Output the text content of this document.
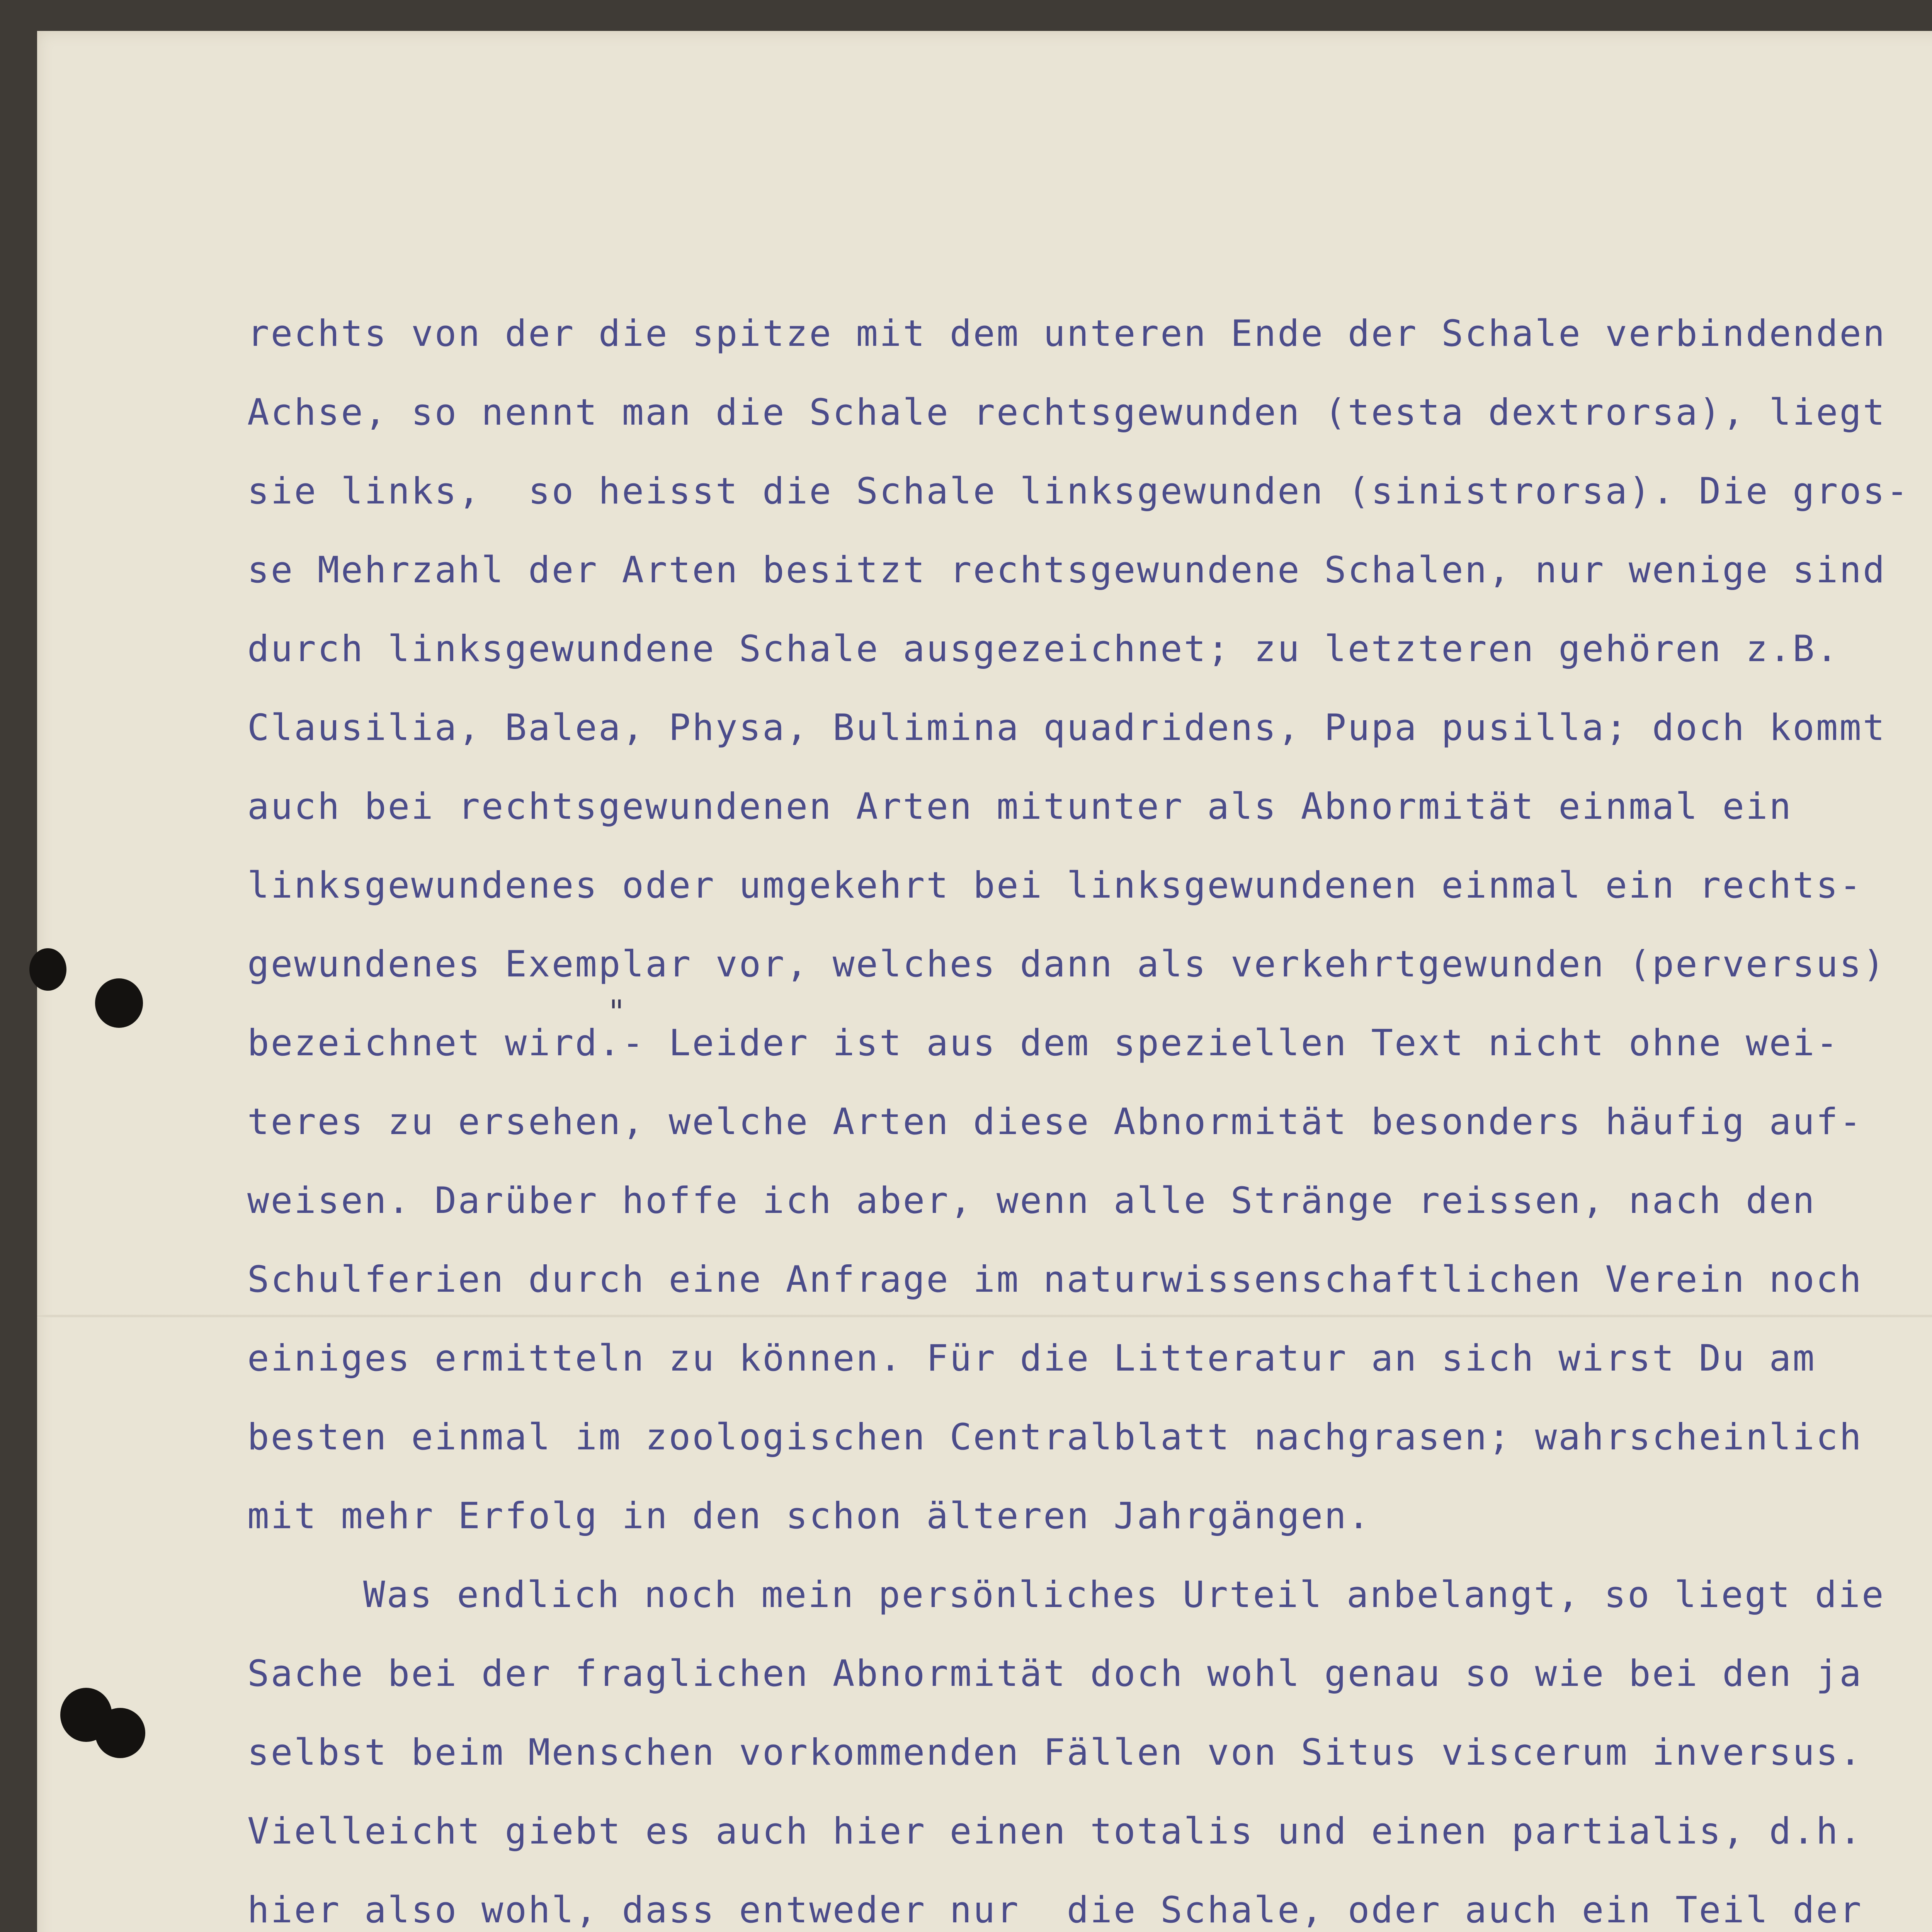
rechts von der die spitze mit dem unteren Ende der Schale verbindenden
Achse, so nennt man die Schale rechtsgewunden (testa dextrorsa), liegt
sie links,  so heisst die Schale linksgewunden (sinistrorsa). Die gros-
se Mehrzahl der Arten besitzt rechtsgewundene Schalen, nur wenige sind
durch linksgewundene Schale ausgezeichnet; zu letzteren gehören z.B.
Clausilia, Balea, Physa, Bulimina quadridens, Pupa pusilla; doch kommt
auch bei rechtsgewundenen Arten mitunter als Abnormität einmal ein
linksgewundenes oder umgekehrt bei linksgewundenen einmal ein rechts-
gewundenes Exemplar vor, welches dann als verkehrtgewunden (perversus)
bezeichnet wird.- Leider ist aus dem speziellen Text nicht ohne wei-
teres zu ersehen, welche Arten diese Abnormität besonders häufig auf-
weisen. Darüber hoffe ich aber, wenn alle Stränge reissen, nach den
Schulferien durch eine Anfrage im naturwissenschaftlichen Verein noch
einiges ermitteln zu können. Für die Litteratur an sich wirst Du am
besten einmal im zoologischen Centralblatt nachgrasen; wahrscheinlich
mit mehr Erfolg in den schon älteren Jahrgängen.
Was endlich noch mein persönliches Urteil anbelangt, so liegt die
Sache bei der fraglichen Abnormität doch wohl genau so wie bei den ja
selbst beim Menschen vorkommenden Fällen von Situs viscerum inversus.
Vielleicht giebt es auch hier einen totalis und einen partialis, d.h.
hier also wohl, dass entweder nur  die Schale, oder auch ein Teil der
"
